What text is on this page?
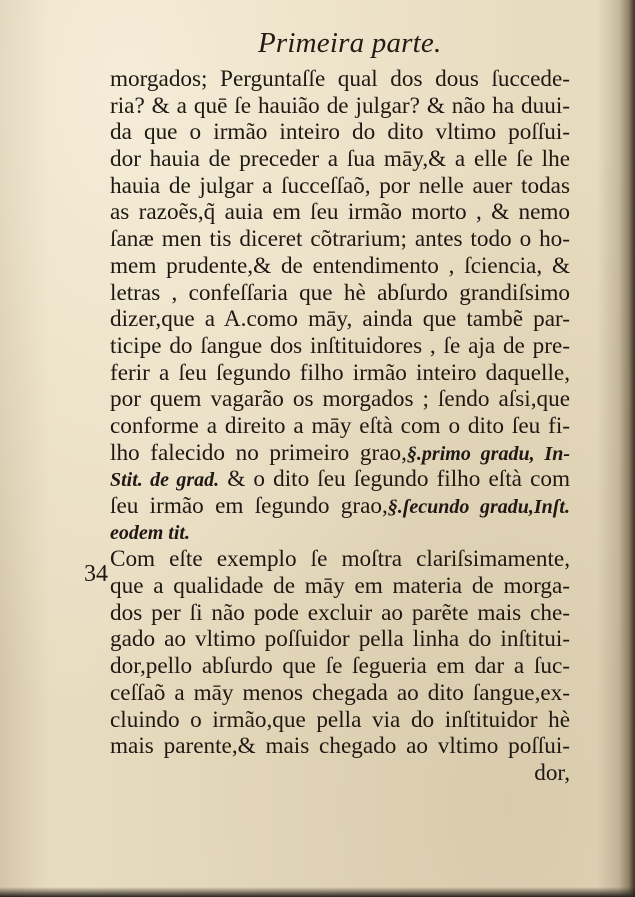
Primeira parte.
morgados; Perguntaſſe qual dos dous ſuccede-
ria? & a quē ſe hauião de julgar? & não ha duui-
da que o irmão inteiro do dito vltimo poſſui-
dor hauia de preceder a ſua māy,& a elle ſe lhe
hauia de julgar a ſucceſſaõ, por nelle auer todas
as razoẽs,q̃ auia em ſeu irmão morto , & nemo
ſanæ men tis diceret cõtrarium; antes todo o ho-
mem prudente,& de entendimento , ſciencia, &
letras , confeſſaria que hè abſurdo grandiſsimo
dizer,que a A.como māy, ainda que tambẽ par-
ticipe do ſangue dos inſtituidores , ſe aja de pre-
ferir a ſeu ſegundo filho irmão inteiro daquelle,
por quem vagarão os morgados ; ſendo aſsi,que
conforme a direito a māy eſtà com o dito ſeu fi-
lho falecido no primeiro grao,§.primo gradu, In-
Stit. de grad. & o dito ſeu ſegundo filho eſtà com
ſeu irmão em ſegundo grao,§.ſecundo gradu,Inſt.
eodem tit.
Com eſte exemplo ſe moſtra clariſsimamente,
que a qualidade de māy em materia de morga-
dos per ſi não pode excluir ao parẽte mais che-
gado ao vltimo poſſuidor pella linha do inſtitui-
dor,pello abſurdo que ſe ſegueria em dar a ſuc-
ceſſaõ a māy menos chegada ao dito ſangue,ex-
cluindo o irmão,que pella via do inſtituidor hè
mais parente,& mais chegado ao vltimo poſſui-
dor,
34
